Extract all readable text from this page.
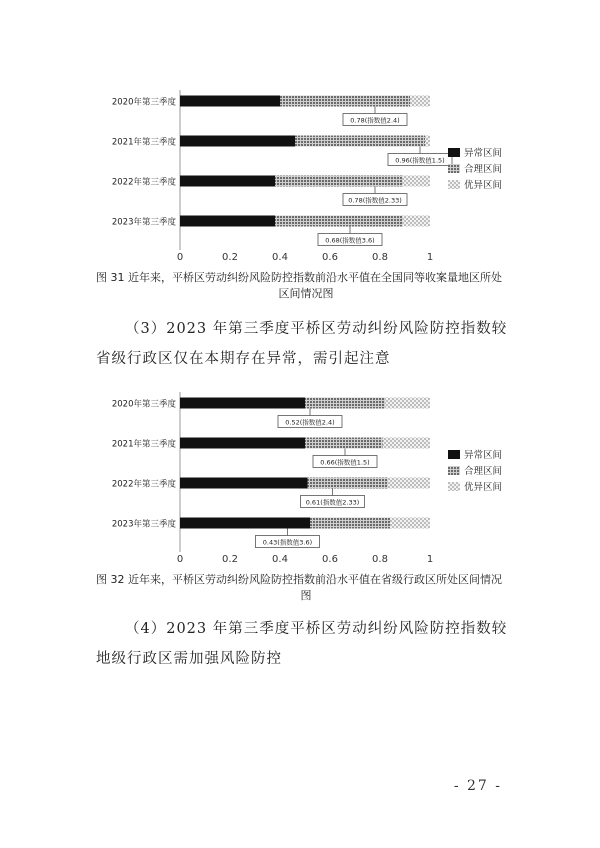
2020年第三季度
0.78(指数值2.4)
2021年第三季度
0.96(指数值1.5)
2022年第三季度
0.78(指数值2.33)
2023年第三季度
0.68(指数值3.6)
0	0.2	0.4	0.6	0.8	1
异常区间
合理区间
优异区间
图 31 近年来，平桥区劳动纠纷风险防控指数前沿水平值在全国同等收案量地区所处
区间情况图
（3）2023 年第三季度平桥区劳动纠纷风险防控指数较省级行政区仅在本期存在异常，需引起注意
2020年第三季度
0.52(指数值2.4)
2021年第三季度
0.66(指数值1.5)
2022年第三季度
0.61(指数值2.33)
2023年第三季度
0.43(指数值3.6)
0	0.2	0.4	0.6	0.8	1
异常区间
合理区间
优异区间
图 32 近年来，平桥区劳动纠纷风险防控指数前沿水平值在省级行政区所处区间情况
图
（4）2023 年第三季度平桥区劳动纠纷风险防控指数较地级行政区需加强风险防控
- 27 -
